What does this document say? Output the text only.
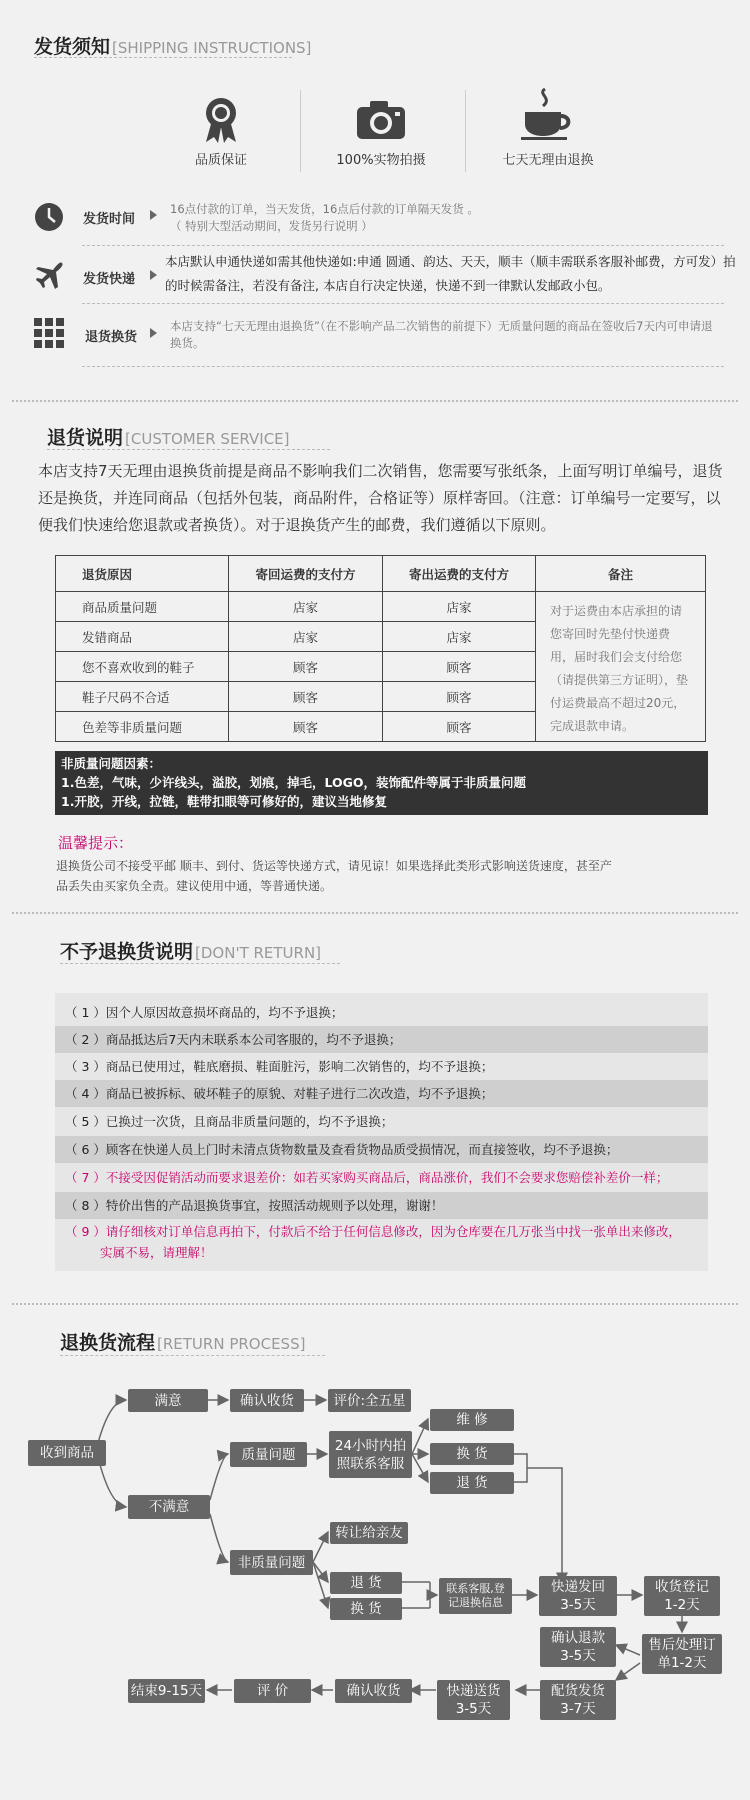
发货须知 [SHIPPING INSTRUCTIONS]
品质保证	100%实物拍摄	七天无理由退换
发货时间
16点付款的订单，当天发货，16点后付款的订单隔天发货 。
（ 特别大型活动期间，发货另行说明 ）
发货快递
本店默认申通快递如需其他快递如:申通 圆通、韵达、天天，顺丰（顺丰需联系客服补邮费，方可发）拍的时候需备注，若没有备注, 本店自行决定快递，快递不到一律默认发邮政小包。
退货换货
本店支持“七天无理由退换货”（在不影响产品二次销售的前提下）无质量问题的商品在签收后7天内可申请退换货。
退货说明 [CUSTOMER SERVICE]
本店支持7天无理由退换货前提是商品不影响我们二次销售，您需要写张纸条，上面写明订单编号，退货还是换货，并连同商品（包括外包装，商品附件，合格证等）原样寄回。（注意：订单编号一定要写，以便我们快速给您退款或者换货）。对于退换货产生的邮费，我们遵循以下原则。
退货原因	寄回运费的支付方	寄出运费的支付方	备注
商品质量问题	店家	店家	对于运费由本店承担的请您寄回时先垫付快递费用，届时我们会支付给您（请提供第三方证明），垫付运费最高不超过20元，完成退款申请。
发错商品	店家	店家	
您不喜欢收到的鞋子	顾客	顾客	
鞋子尺码不合适	顾客	顾客	
色差等非质量问题	顾客	顾客	
非质量问题因素：
1.色差，气味，少许线头，溢胶，划痕，掉毛，LOGO，装饰配件等属于非质量问题
1.开胶，开线，拉链，鞋带扣眼等可修好的，建议当地修复
温馨提示：
退换货公司不接受平邮 顺丰、到付、货运等快递方式，请见谅！如果选择此类形式影响送货速度，甚至产品丢失由买家负全责。建议使用中通，等普通快递。
不予退换货说明 [DON'T RETURN]
（ 1 ）因个人原因故意损坏商品的，均不予退换；
（ 2 ）商品抵达后7天内未联系本公司客服的，均不予退换；
（ 3 ）商品已使用过，鞋底磨损、鞋面脏污，影响二次销售的，均不予退换；
（ 4 ）商品已被拆标、破坏鞋子的原貌、对鞋子进行二次改造，均不予退换；
（ 5 ）已换过一次货，且商品非质量问题的，均不予退换；
（ 6 ）顾客在快递人员上门时未清点货物数量及查看货物品质受损情况，而直接签收，均不予退换；
（ 7 ）不接受因促销活动而要求退差价：如若买家购买商品后，商品涨价，我们不会要求您赔偿补差价一样；
（ 8 ）特价出售的产品退换货事宜，按照活动规则予以处理，谢谢！
（ 9 ）请仔细核对订单信息再拍下，付款后不给于任何信息修改，因为仓库要在几万张当中找一张单出来修改，
实属不易，请理解！
退换货流程 [RETURN PROCESS]
收到商品
满意	确认收货	评价:全五星
不满意
质量问题
24小时内拍
照联系客服
维 修
换 货
退 货
非质量问题
转让给亲友
退 货
换 货
联系客服,登
记退换信息
快递发回
3-5天
收货登记
1-2天
确认退款
3-5天
售后处理订
单1-2天
配货发货
3-7天
快递送货
3-5天
确认收货
评 价
结束9-15天
